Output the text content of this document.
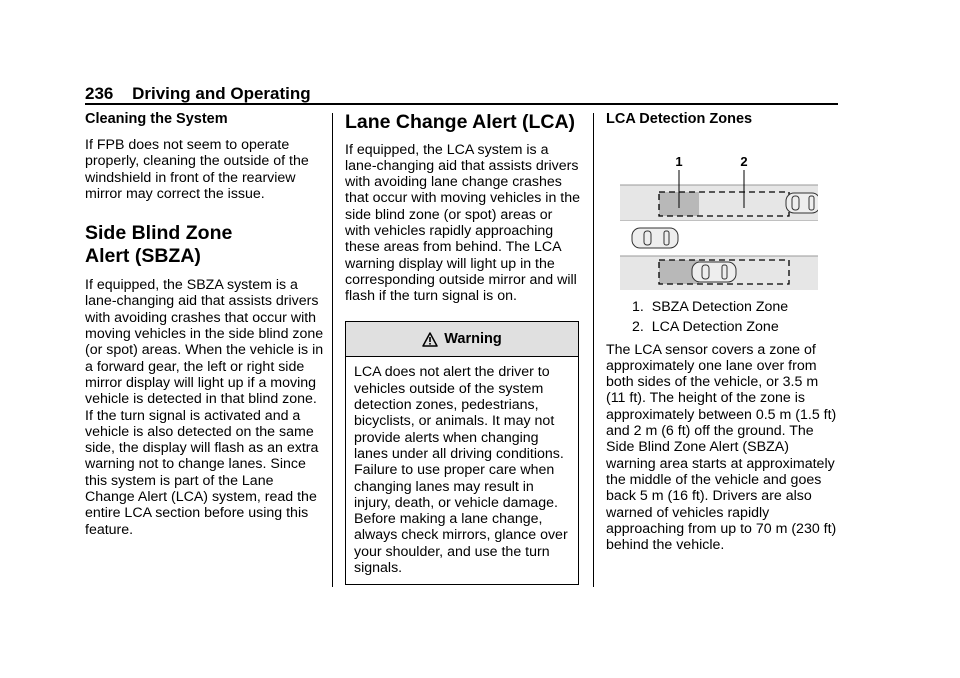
236 Driving and Operating
Cleaning the System

If FPB does not seem to operate properly, cleaning the outside of the windshield in front of the rearview mirror may correct the issue.

Side Blind Zone
Alert (SBZA)

If equipped, the SBZA system is a lane-changing aid that assists drivers with avoiding crashes that occur with moving vehicles in the side blind zone (or spot) areas. When the vehicle is in a forward gear, the left or right side mirror display will light up if a moving vehicle is detected in that blind zone. If the turn signal is activated and a vehicle is also detected on the same side, the display will flash as an extra warning not to change lanes. Since this system is part of the Lane Change Alert (LCA) system, read the entire LCA section before using this feature.

Lane Change Alert (LCA)

If equipped, the LCA system is a lane-changing aid that assists drivers with avoiding lane change crashes that occur with moving vehicles in the side blind zone (or spot) areas or with vehicles rapidly approaching these areas from behind. The LCA warning display will light up in the corresponding outside mirror and will flash if the turn signal is on.

Warning
LCA does not alert the driver to vehicles outside of the system detection zones, pedestrians, bicyclists, or animals. It may not provide alerts when changing lanes under all driving conditions. Failure to use proper care when changing lanes may result in injury, death, or vehicle damage. Before making a lane change, always check mirrors, glance over your shoulder, and use the turn signals.
LCA Detection Zones
1	2
1. SBZA Detection Zone
2. LCA Detection Zone

The LCA sensor covers a zone of approximately one lane over from both sides of the vehicle, or 3.5 m (11 ft). The height of the zone is approximately between 0.5 m (1.5 ft) and 2 m (6 ft) off the ground. The Side Blind Zone Alert (SBZA) warning area starts at approximately the middle of the vehicle and goes back 5 m (16 ft). Drivers are also warned of vehicles rapidly approaching from up to 70 m (230 ft) behind the vehicle.
